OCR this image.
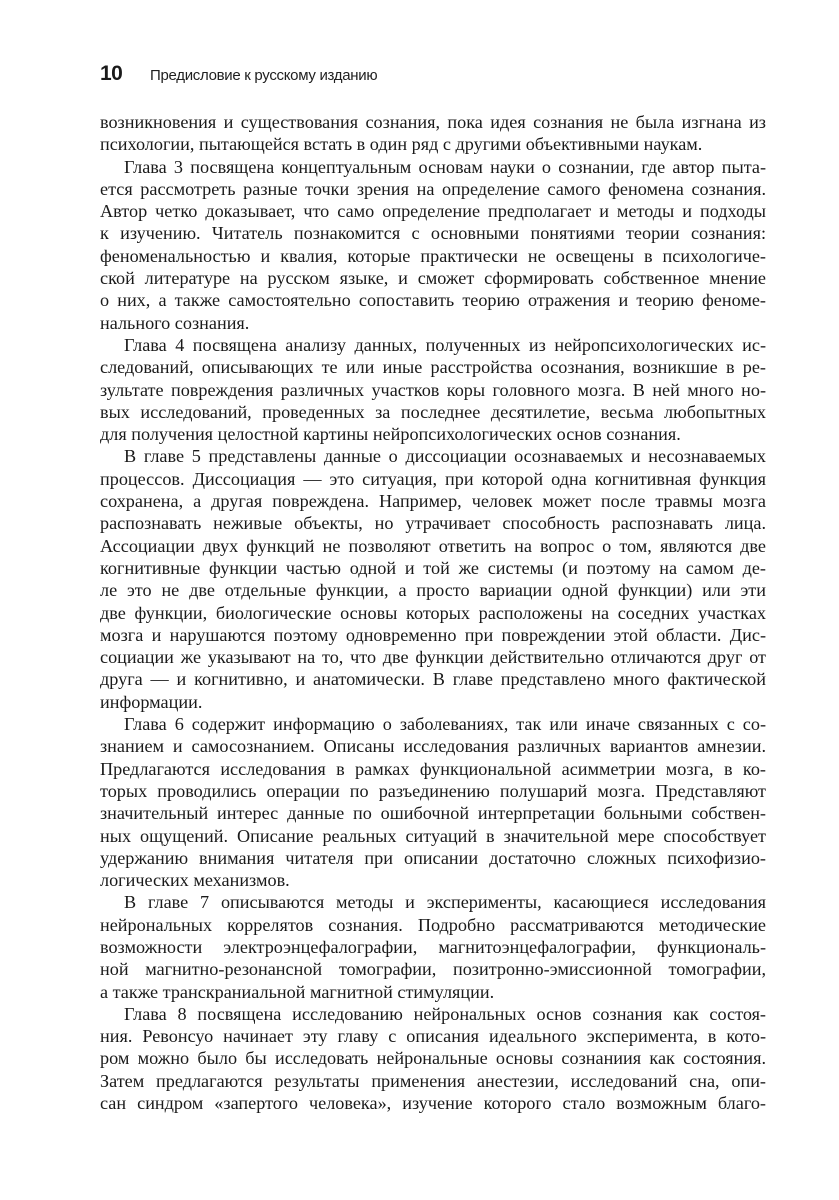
10	Предисловие к русскому изданию
возникновения и существования сознания, пока идея сознания не была изгнана из
психологии, пытающейся встать в один ряд с другими объективными наукам.
Глава 3 посвящена концептуальным основам науки о сознании, где автор пыта-
ется рассмотреть разные точки зрения на определение самого феномена сознания.
Автор четко доказывает, что само определение предполагает и методы и подходы
к изучению. Читатель познакомится с основными понятиями теории сознания:
феноменальностью и квалия, которые практически не освещены в психологиче-
ской литературе на русском языке, и сможет сформировать собственное мнение
о них, а также самостоятельно сопоставить теорию отражения и теорию феноме-
нального сознания.
Глава 4 посвящена анализу данных, полученных из нейропсихологических ис-
следований, описывающих те или иные расстройства осознания, возникшие в ре-
зультате повреждения различных участков коры головного мозга. В ней много но-
вых исследований, проведенных за последнее десятилетие, весьма любопытных
для получения целостной картины нейропсихологических основ сознания.
В главе 5 представлены данные о диссоциации осознаваемых и несознаваемых
процессов. Диссоциация — это ситуация, при которой одна когнитивная функция
сохранена, а другая повреждена. Например, человек может после травмы мозга
распознавать неживые объекты, но утрачивает способность распознавать лица.
Ассоциации двух функций не позволяют ответить на вопрос о том, являются две
когнитивные функции частью одной и той же системы (и поэтому на самом де-
ле это не две отдельные функции, а просто вариации одной функции) или эти
две функции, биологические основы которых расположены на соседних участках
мозга и нарушаются поэтому одновременно при повреждении этой области. Дис-
социации же указывают на то, что две функции действительно отличаются друг от
друга — и когнитивно, и анатомически. В главе представлено много фактической
информации.
Глава 6 содержит информацию о заболеваниях, так или иначе связанных с со-
знанием и самосознанием. Описаны исследования различных вариантов амнезии.
Предлагаются исследования в рамках функциональной асимметрии мозга, в ко-
торых проводились операции по разъединению полушарий мозга. Представляют
значительный интерес данные по ошибочной интерпретации больными собствен-
ных ощущений. Описание реальных ситуаций в значительной мере способствует
удержанию внимания читателя при описании достаточно сложных психофизио-
логических механизмов.
В главе 7 описываются методы и эксперименты, касающиеся исследования
нейрональных коррелятов сознания. Подробно рассматриваются методические
возможности электроэнцефалографии, магнитоэнцефалографии, функциональ-
ной магнитно-резонансной томографии, позитронно-эмиссионной томографии,
а также транскраниальной магнитной стимуляции.
Глава 8 посвящена исследованию нейрональных основ сознания как состоя-
ния. Ревонсуо начинает эту главу с описания идеального эксперимента, в кото-
ром можно было бы исследовать нейрональные основы сознаниия как состояния.
Затем предлагаются результаты применения анестезии, исследований сна, опи-
сан синдром «запертого человека», изучение которого стало возможным благо-
